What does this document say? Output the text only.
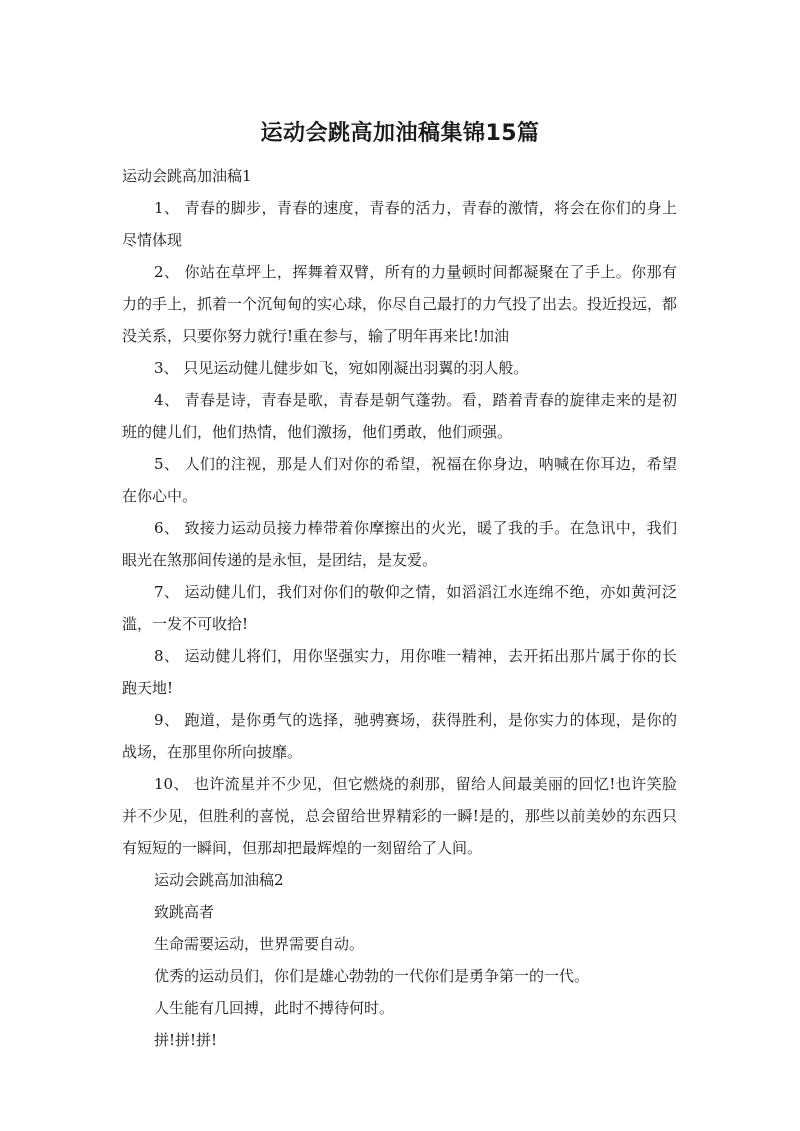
运动会跳高加油稿集锦15篇

运动会跳高加油稿1

1、 青春的脚步，青春的速度，青春的活力，青春的激情，将会在你们的身上尽情体现

2、 你站在草坪上，挥舞着双臂，所有的力量顿时间都凝聚在了手上。你那有力的手上，抓着一个沉甸甸的实心球，你尽自己最打的力气投了出去。投近投远，都没关系，只要你努力就行!重在参与，输了明年再来比!加油

3、 只见运动健儿健步如飞，宛如刚凝出羽翼的羽人般。

4、 青春是诗，青春是歌，青春是朝气蓬勃。看，踏着青春的旋律走来的是初班的健儿们，他们热情，他们激扬，他们勇敢，他们顽强。

5、 人们的注视，那是人们对你的希望，祝福在你身边，呐喊在你耳边，希望在你心中。

6、 致接力运动员接力棒带着你摩擦出的火光，暖了我的手。在急讯中，我们眼光在煞那间传递的是永恒，是团结，是友爱。

7、 运动健儿们，我们对你们的敬仰之情，如滔滔江水连绵不绝，亦如黄河泛滥，一发不可收拾!

8、 运动健儿将们，用你坚强实力，用你唯一精神，去开拓出那片属于你的长跑天地!

9、 跑道，是你勇气的选择，驰骋赛场，获得胜利，是你实力的体现，是你的战场，在那里你所向披靡。

10、 也许流星并不少见，但它燃烧的刹那，留给人间最美丽的回忆!也许笑脸并不少见，但胜利的喜悦，总会留给世界精彩的一瞬!是的，那些以前美妙的东西只有短短的一瞬间，但那却把最辉煌的一刻留给了人间。

运动会跳高加油稿2

致跳高者

生命需要运动，世界需要自动。

优秀的运动员们，你们是雄心勃勃的一代你们是勇争第一的一代。

人生能有几回搏，此时不搏待何时。

拼!拼!拼!
